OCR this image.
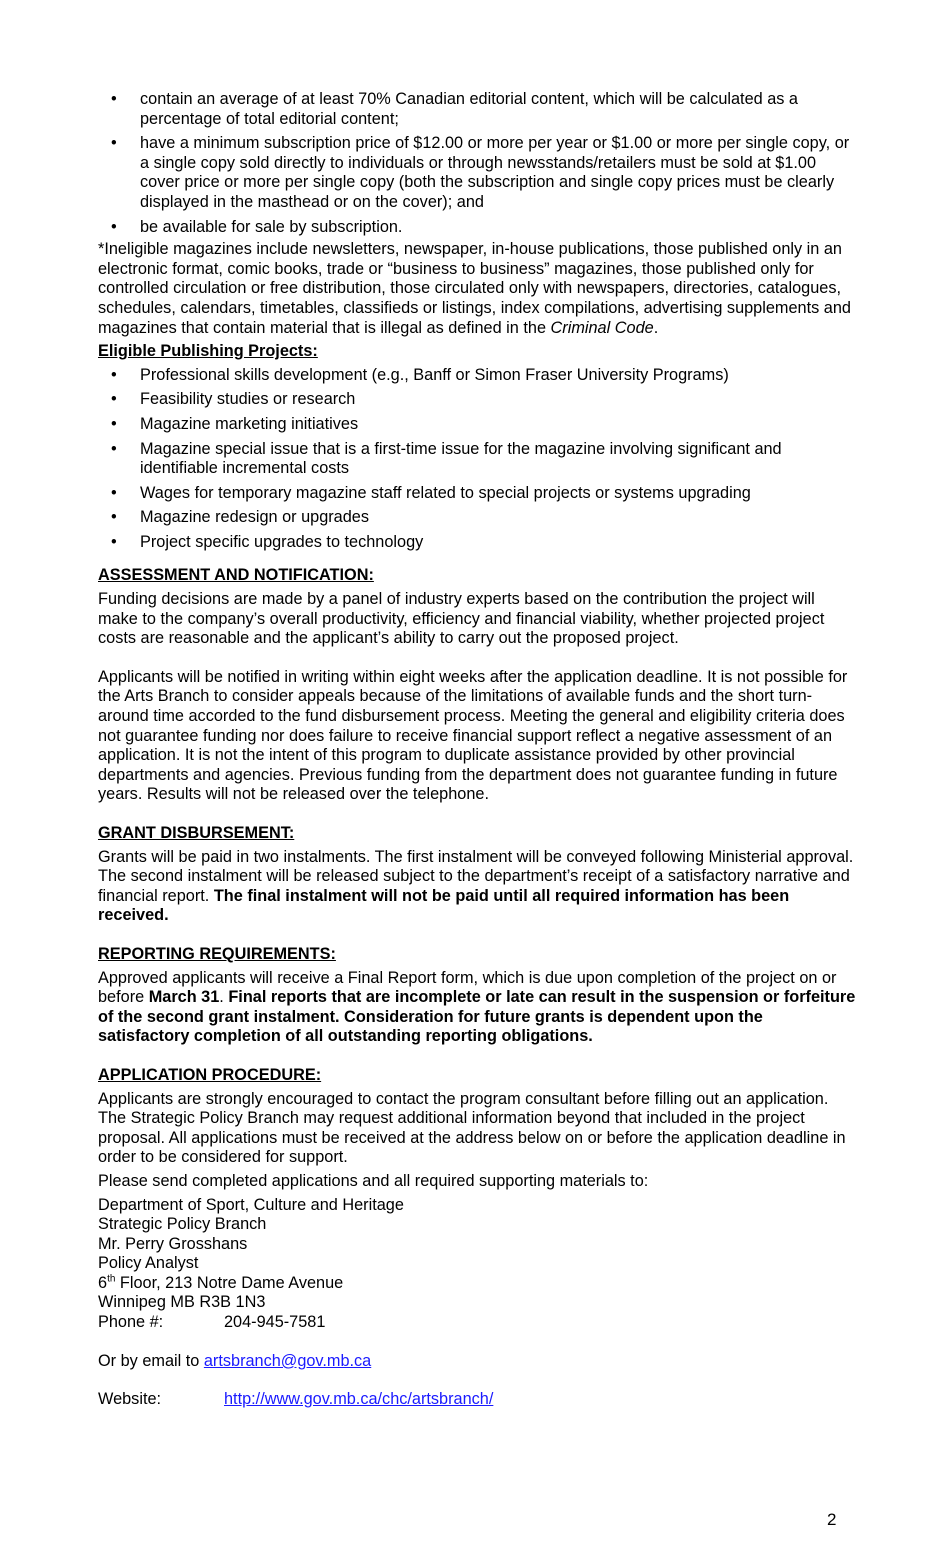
• contain an average of at least 70% Canadian editorial content, which will be calculated as a percentage of total editorial content;
• have a minimum subscription price of $12.00 or more per year or $1.00 or more per single copy, or a single copy sold directly to individuals or through newsstands/retailers must be sold at $1.00 cover price or more per single copy (both the subscription and single copy prices must be clearly displayed in the masthead or on the cover); and
• be available for sale by subscription.

*Ineligible magazines include newsletters, newspaper, in-house publications, those published only in an electronic format, comic books, trade or “business to business” magazines, those published only for controlled circulation or free distribution, those circulated only with newspapers, directories, catalogues, schedules, calendars, timetables, classifieds or listings, index compilations, advertising supplements and magazines that contain material that is illegal as defined in the Criminal Code.

Eligible Publishing Projects:

• Professional skills development (e.g., Banff or Simon Fraser University Programs)
• Feasibility studies or research
• Magazine marketing initiatives
• Magazine special issue that is a first-time issue for the magazine involving significant and identifiable incremental costs
• Wages for temporary magazine staff related to special projects or systems upgrading
• Magazine redesign or upgrades
• Project specific upgrades to technology

ASSESSMENT AND NOTIFICATION:

Funding decisions are made by a panel of industry experts based on the contribution the project will make to the company’s overall productivity, efficiency and financial viability, whether projected project costs are reasonable and the applicant’s ability to carry out the proposed project.

Applicants will be notified in writing within eight weeks after the application deadline. It is not possible for the Arts Branch to consider appeals because of the limitations of available funds and the short turn-around time accorded to the fund disbursement process. Meeting the general and eligibility criteria does not guarantee funding nor does failure to receive financial support reflect a negative assessment of an application. It is not the intent of this program to duplicate assistance provided by other provincial departments and agencies. Previous funding from the department does not guarantee funding in future years. Results will not be released over the telephone.

GRANT DISBURSEMENT:

Grants will be paid in two instalments. The first instalment will be conveyed following Ministerial approval. The second instalment will be released subject to the department’s receipt of a satisfactory narrative and financial report. The final instalment will not be paid until all required information has been received.

REPORTING REQUIREMENTS:

Approved applicants will receive a Final Report form, which is due upon completion of the project on or before March 31. Final reports that are incomplete or late can result in the suspension or forfeiture of the second grant instalment. Consideration for future grants is dependent upon the satisfactory completion of all outstanding reporting obligations.

APPLICATION PROCEDURE:

Applicants are strongly encouraged to contact the program consultant before filling out an application. The Strategic Policy Branch may request additional information beyond that included in the project proposal. All applications must be received at the address below on or before the application deadline in order to be considered for support.

Please send completed applications and all required supporting materials to:

Department of Sport, Culture and Heritage
Strategic Policy Branch
Mr. Perry Grosshans
Policy Analyst
6th Floor, 213 Notre Dame Avenue
Winnipeg MB R3B 1N3
Phone #:	204-945-7581

Or by email to artsbranch@gov.mb.ca

Website:	http://www.gov.mb.ca/chc/artsbranch/

2
